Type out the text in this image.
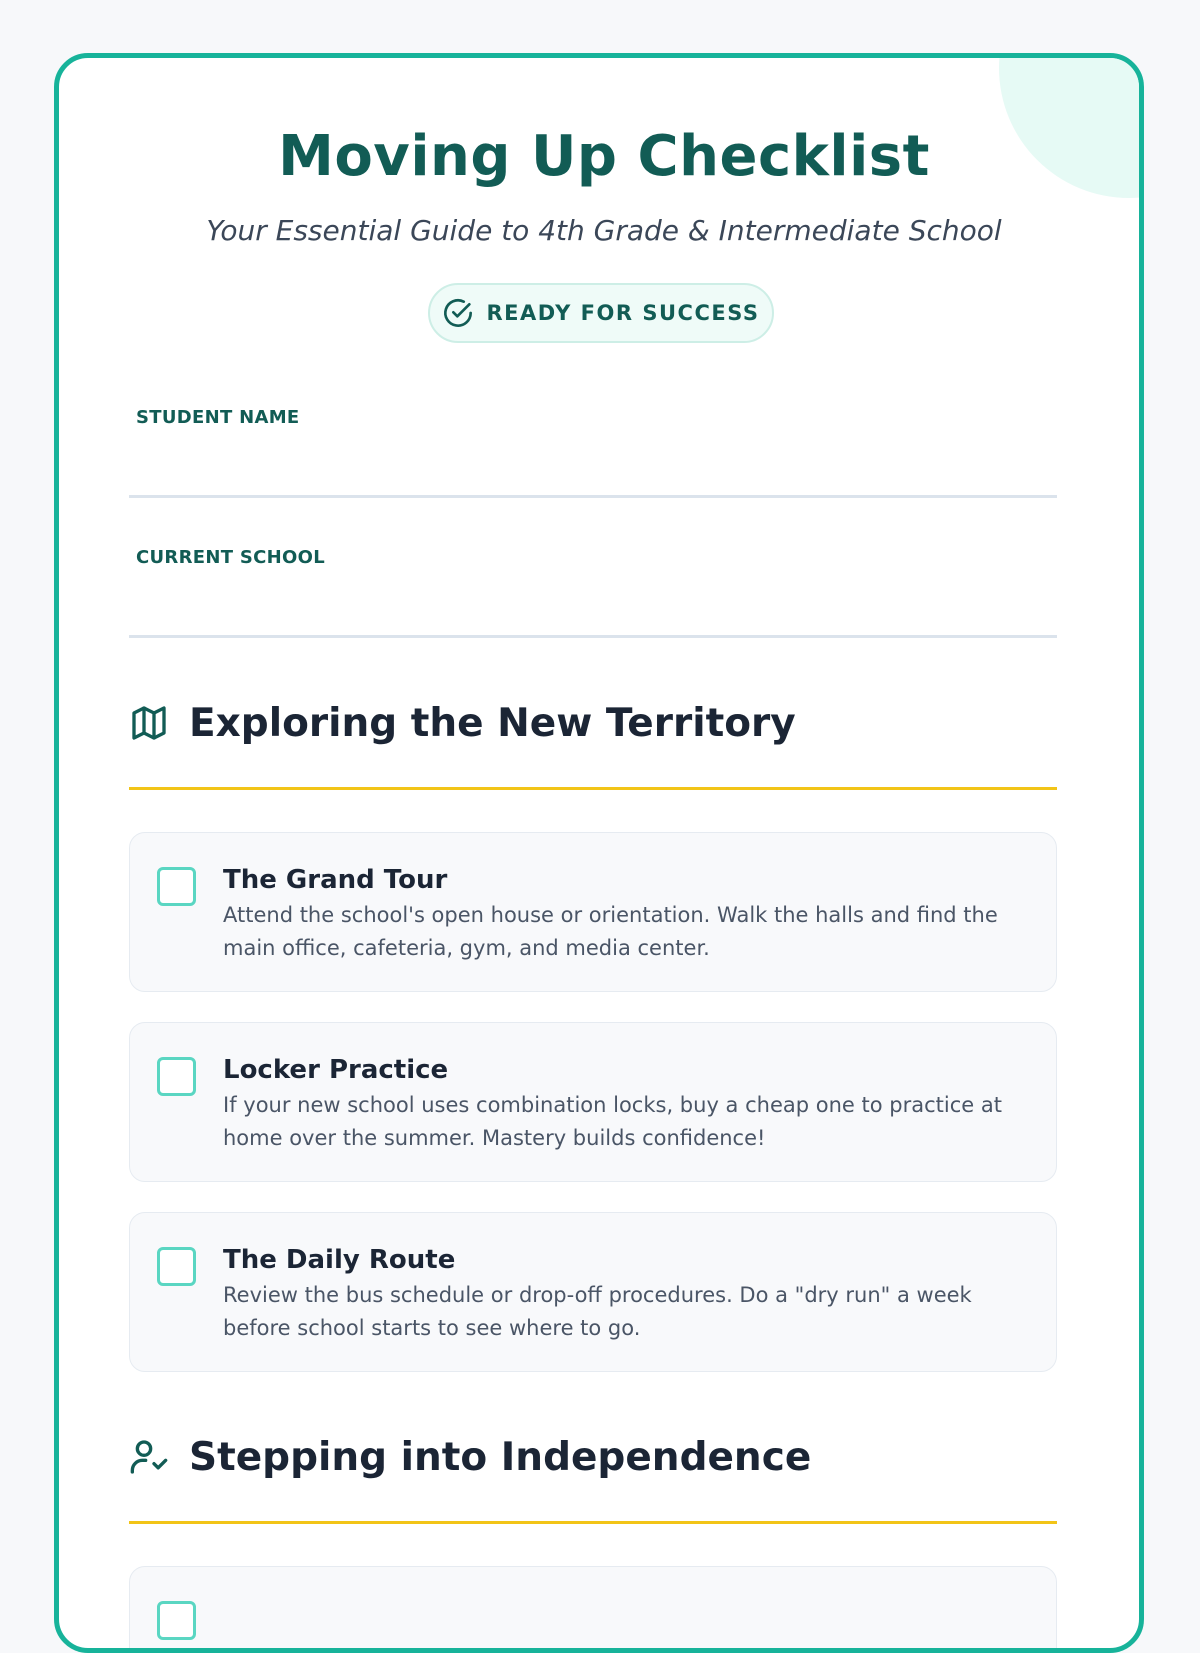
Moving Up Checklist
Your Essential Guide to 4th Grade & Intermediate School
READY FOR SUCCESS
STUDENT NAME
CURRENT SCHOOL
Exploring the New Territory
The Grand Tour
Attend the school's open house or orientation. Walk the halls and find the main office, cafeteria, gym, and media center.
Locker Practice
If your new school uses combination locks, buy a cheap one to practice at home over the summer. Mastery builds confidence!
The Daily Route
Review the bus schedule or drop-off procedures. Do a "dry run" a week before school starts to see where to go.
Stepping into Independence
